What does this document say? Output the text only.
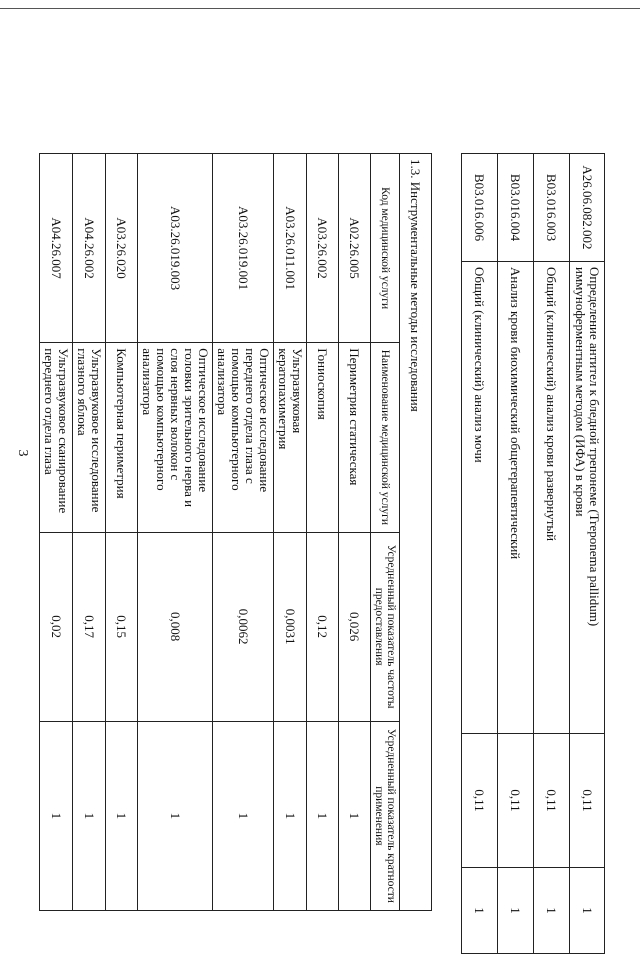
3
A26.06.082.002	Определение антител к бледной трепонеме (Treponema pallidum) иммуноферментным методом (ИФА) в крови	0,11	1
B03.016.003	Общий (клинический) анализ крови развернутый	0,11	1
B03.016.004	Анализ крови биохимический общетерапевтический	0,11	1
B03.016.006	Общий (клинический) анализ мочи	0,11	1
1.3. Инструментальные методы исследования			
Код медицинской услуги	Наименование медицинской услуги	Усредненный показатель частоты предоставления	Усредненный показатель кратности применения
A02.26.005	Периметрия статическая	0,026	1
A03.26.002	Гониоскопия	0,12	1
A03.26.011.001	Ультразвуковая кератопахиметрия	0,0031	1
A03.26.019.001	Оптическое исследование переднего отдела глаза с помощью компьютерного анализатора	0,0062	1
A03.26.019.003	Оптическое исследование головки зрительного нерва и слоя нервных волокон с помощью компьютерного анализатора	0,008	1
A03.26.020	Компьютерная периметрия	0,15	1
A04.26.002	Ультразвуковое исследование глазного яблока	0,17	1
A04.26.007	Ультразвуковое сканирование переднего отдела глаза	0,02	1
